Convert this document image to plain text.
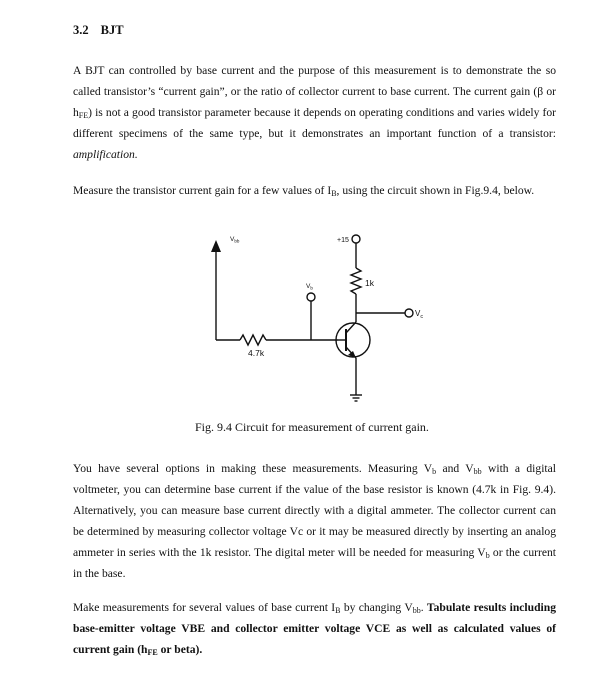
3.2 BJT

A BJT can controlled by base current and the purpose of this measurement is to demonstrate the so called transistor’s “current gain”, or the ratio of collector current to base current. The current gain (β or $h_{FE}$) is not a good transistor parameter because it depends on operating conditions and varies widely for different specimens of the same type, but it demonstrates an important function of a transistor: amplification.

Measure the transistor current gain for a few values of $I_B$, using the circuit shown in Fig.9.4, below.

$V_{bb}$
$V_b$
+15
1k
4.7k
$V_c$

Fig. 9.4 Circuit for measurement of current gain.

You have several options in making these measurements. Measuring $V_b$ and $V_{bb}$ with a digital voltmeter, you can determine base current if the value of the base resistor is known (4.7k in Fig. 9.4). Alternatively, you can measure base current directly with a digital ammeter. The collector current can be determined by measuring collector voltage Vc or it may be measured directly by inserting an analog ammeter in series with the 1k resistor. The digital meter will be needed for measuring $V_b$ or the current in the base.

Make measurements for several values of base current $I_B$ by changing $V_{bb}$. Tabulate results including base-emitter voltage VBE and collector emitter voltage VCE as well as calculated values of current gain ($h_{FE}$ or beta).
